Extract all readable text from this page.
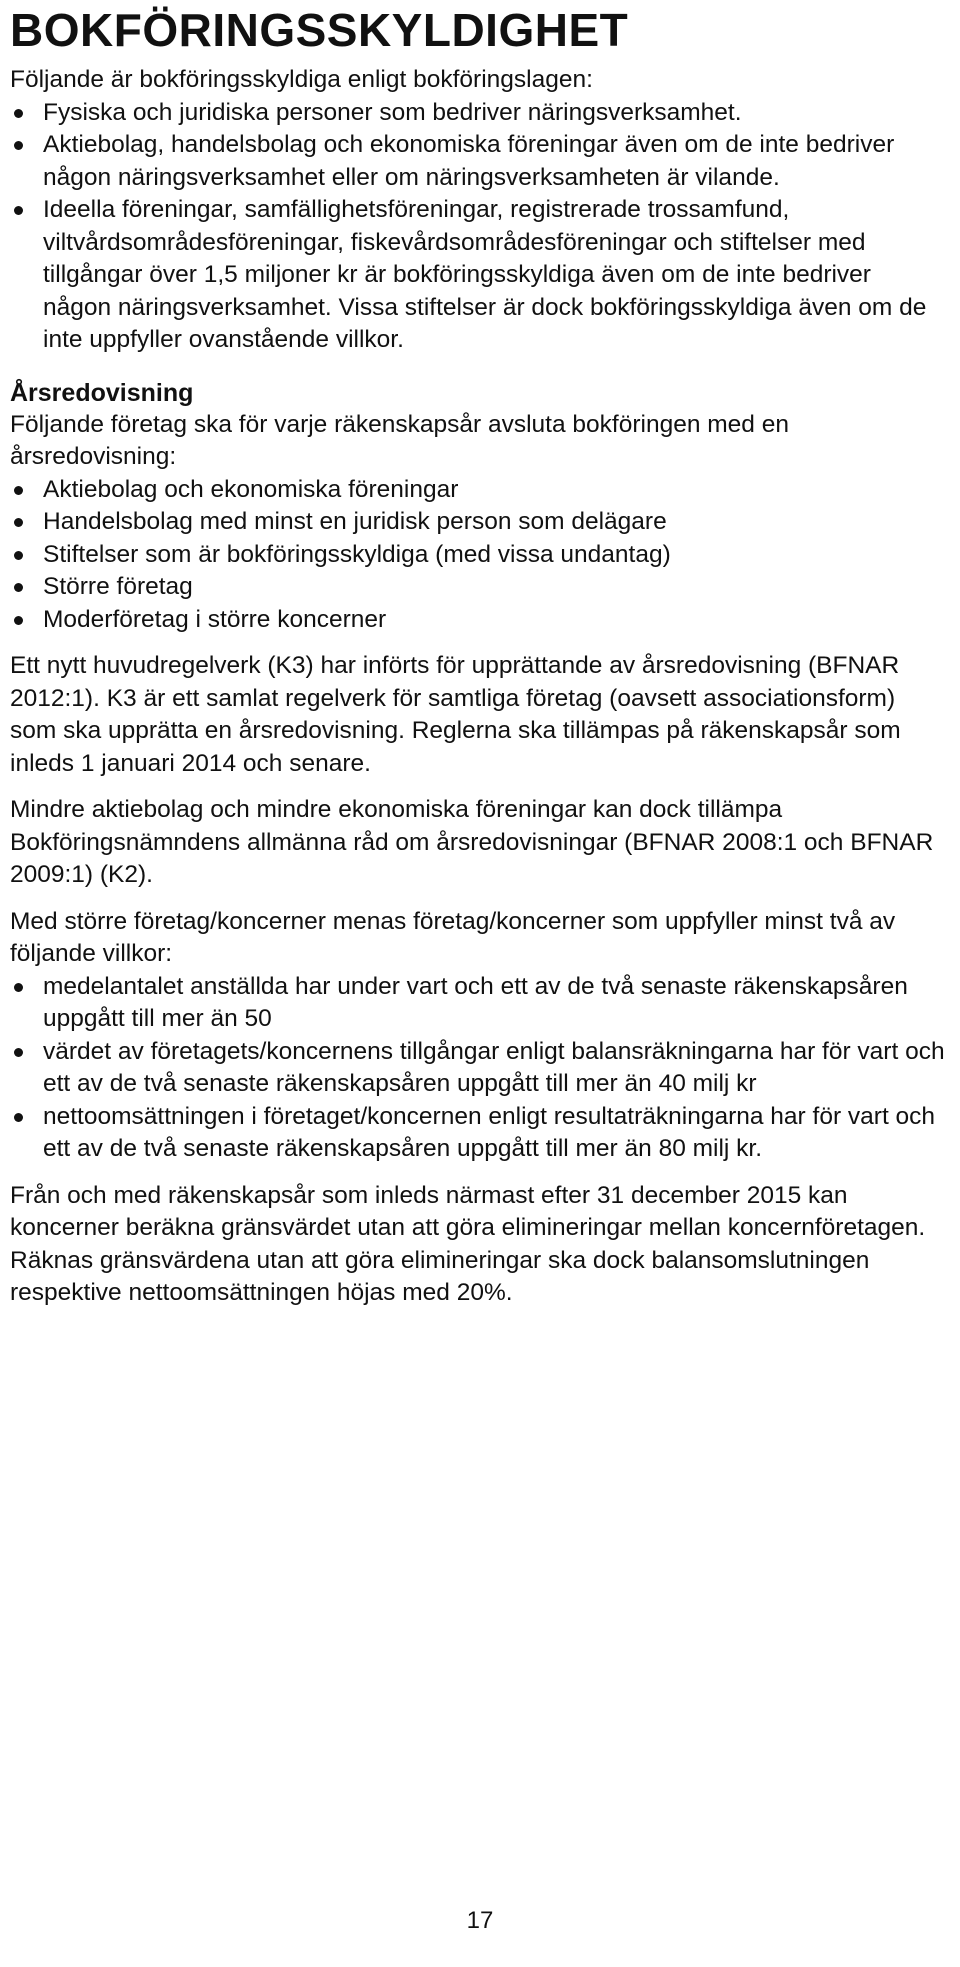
BOKFÖRINGSSKYLDIGHET

Följande är bokföringsskyldiga enligt bokföringslagen:

Fysiska och juridiska personer som bedriver näringsverksamhet.
Aktiebolag, handelsbolag och ekonomiska föreningar även om de inte bedriver någon näringsverksamhet eller om näringsverksamheten är vilande.
Ideella föreningar, samfällighetsföreningar, registrerade trossamfund, viltvårdsområdesföreningar, fiskevårdsområdesföreningar och stiftelser med tillgångar över 1,5 miljoner kr är bokföringsskyldiga även om de inte bedriver någon näringsverksamhet. Vissa stiftelser är dock bokföringsskyldiga även om de inte uppfyller ovanstående villkor.
Årsredovisning

Följande företag ska för varje räkenskapsår avsluta bokföringen med en årsredovisning:

Aktiebolag och ekonomiska föreningar
Handelsbolag med minst en juridisk person som delägare
Stiftelser som är bokföringsskyldiga (med vissa undantag)
Större företag
Moderföretag i större koncerner

Ett nytt huvudregelverk (K3) har införts för upprättande av årsredovisning (BFNAR 2012:1). K3 är ett samlat regelverk för samtliga företag (oavsett associationsform) som ska upprätta en årsredovisning. Reglerna ska tillämpas på räkenskapsår som inleds 1 januari 2014 och senare.

Mindre aktiebolag och mindre ekonomiska föreningar kan dock tillämpa Bokföringsnämndens allmänna råd om årsredovisningar (BFNAR 2008:1 och BFNAR 2009:1) (K2).

Med större företag/koncerner menas företag/koncerner som uppfyller minst två av följande villkor:

medelantalet anställda har under vart och ett av de två senaste räkenskapsåren uppgått till mer än 50
värdet av företagets/koncernens tillgångar enligt balansräkningarna har för vart och ett av de två senaste räkenskapsåren uppgått till mer än 40 milj kr
nettoomsättningen i företaget/koncernen enligt resultaträkningarna har för vart och ett av de två senaste räkenskapsåren uppgått till mer än 80 milj kr.

Från och med räkenskapsår som inleds närmast efter 31 december 2015 kan koncerner beräkna gränsvärdet utan att göra elimineringar mellan koncernföretagen. Räknas gränsvärdena utan att göra elimineringar ska dock balansomslutningen respektive nettoomsättningen höjas med 20%.

17
